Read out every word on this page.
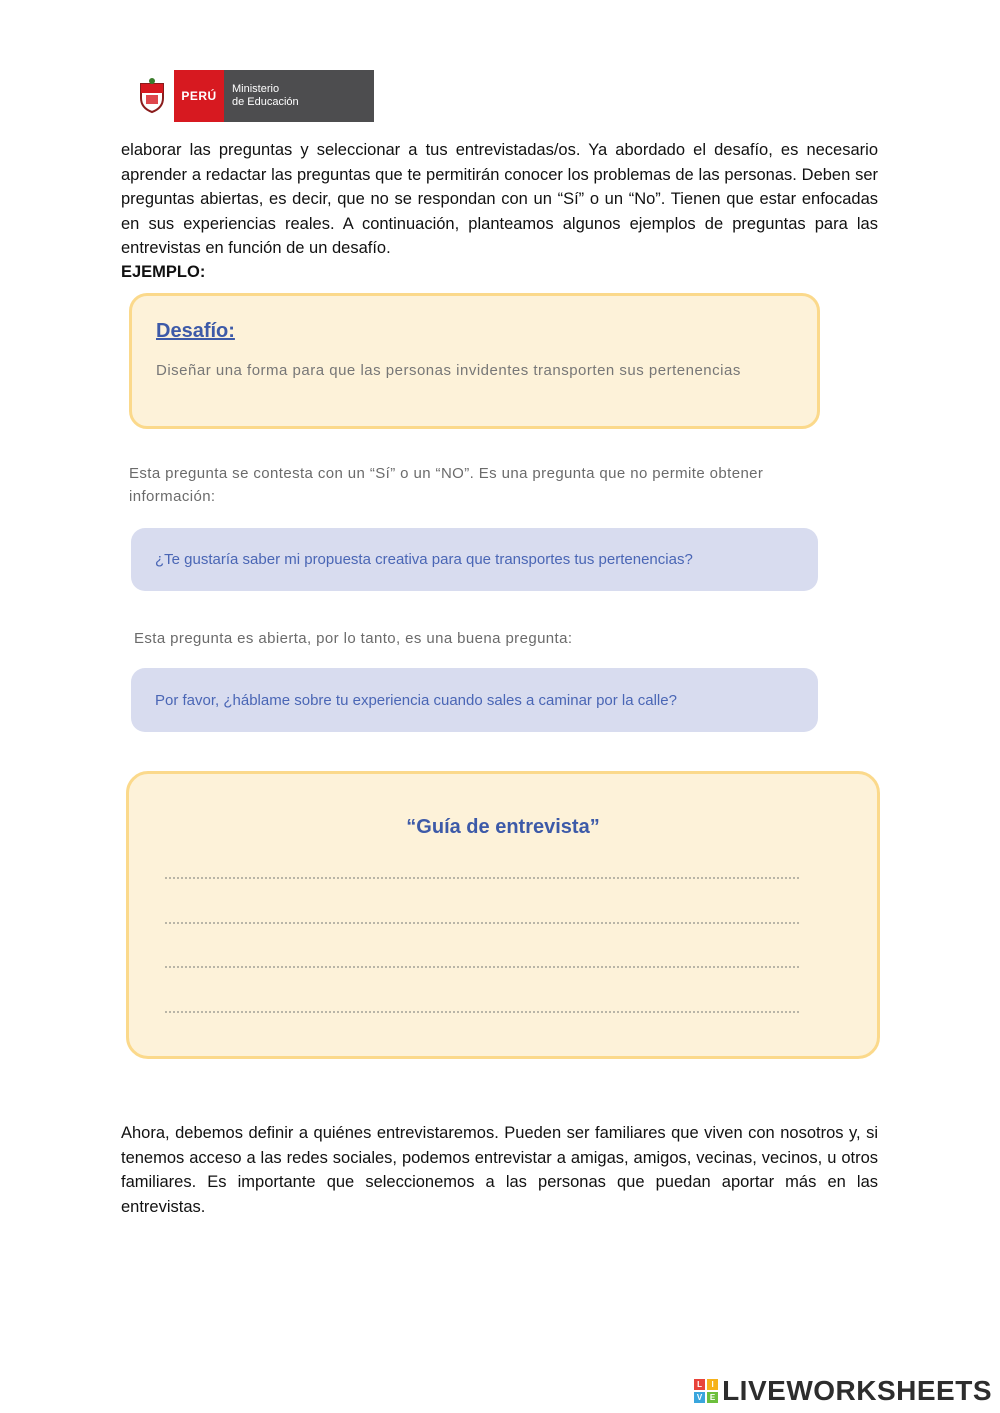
PERÚ	Ministerio
de Educación
elaborar las preguntas y seleccionar a tus entrevistadas/os. Ya abordado el desafío, es necesario aprender a redactar las preguntas que te permitirán conocer los problemas de las personas. Deben ser preguntas abiertas, es decir, que no se respondan con un “Sí” o un “No”. Tienen que estar enfocadas en sus experiencias reales. A continuación, planteamos algunos ejemplos de preguntas para las entrevistas en función de un desafío.
EJEMPLO:
Desafío:
Diseñar una forma para que las personas invidentes transporten sus pertenencias
Esta pregunta se contesta con un “Sí” o un “NO”. Es una pregunta que no permite obtener información:
¿Te gustaría saber mi propuesta creativa para que transportes tus pertenencias?
Esta pregunta es abierta, por lo tanto, es una buena pregunta:
Por favor, ¿háblame sobre tu experiencia cuando sales a caminar por la calle?
“Guía de entrevista”
Ahora, debemos definir a quiénes entrevistaremos. Pueden ser familiares que viven con nosotros y, si tenemos acceso a las redes sociales, podemos entrevistar a amigas, amigos, vecinas, vecinos, u otros familiares. Es importante que seleccionemos a las personas que puedan aportar más en las entrevistas.
L	I
V E LIVEWORKSHEETS
